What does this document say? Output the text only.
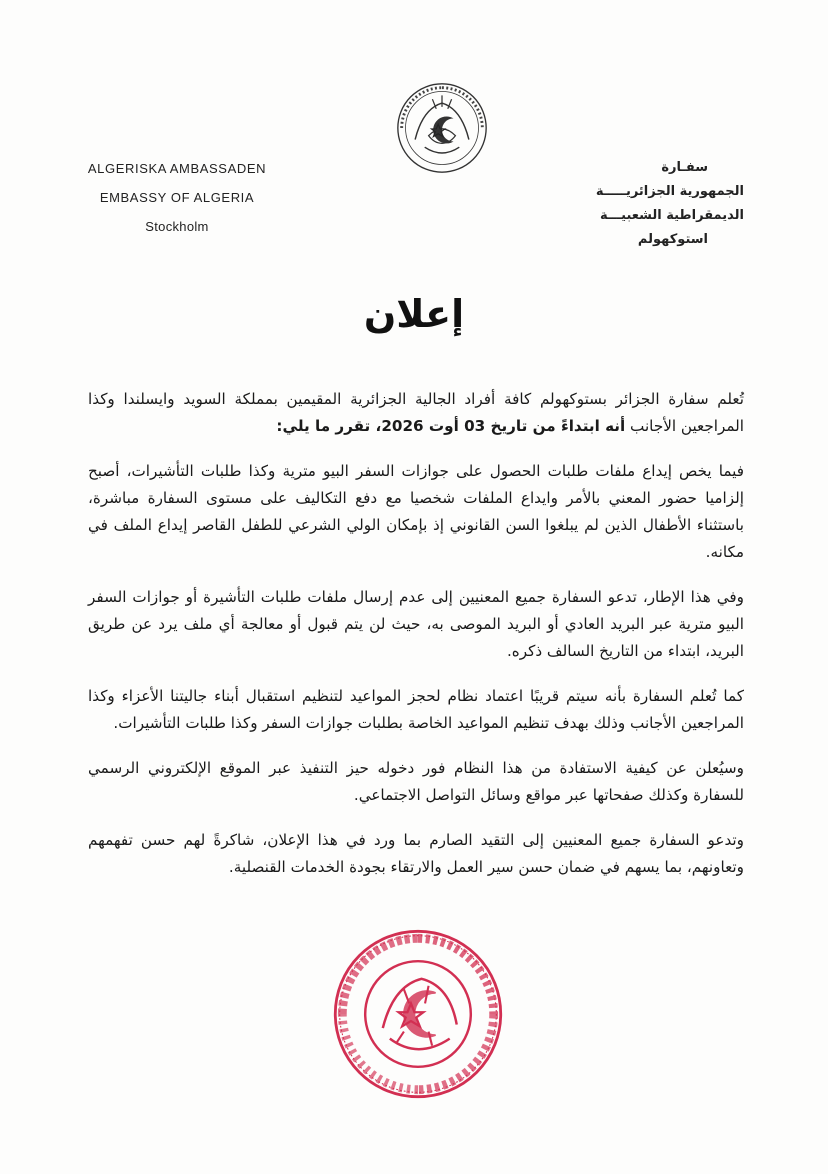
ALGERISKA AMBASSADEN
EMBASSY OF ALGERIA
Stockholm
سفـارة
الجمهورية الجزائريـــــة
الديمقراطية الشعبيـــة
استوكهولم
إعلان

تُعلم سفارة الجزائر بستوكهولم كافة أفراد الجالية الجزائرية المقيمين بمملكة السويد وايسلندا وكذا المراجعين الأجانب أنه ابتداءً من تاريخ 03 أوت 2026، تقرر ما يلي:

فيما يخص إيداع ملفات طلبات الحصول على جوازات السفر البيو مترية وكذا طلبات التأشيرات، أصبح إلزاميا حضور المعني بالأمر وايداع الملفات شخصيا مع دفع التكاليف على مستوى السفارة مباشرة، باستثناء الأطفال الذين لم يبلغوا السن القانوني إذ بإمكان الولي الشرعي للطفل القاصر إيداع الملف في مكانه.

وفي هذا الإطار، تدعو السفارة جميع المعنيين إلى عدم إرسال ملفات طلبات التأشيرة أو جوازات السفر البيو مترية عبر البريد العادي أو البريد الموصى به، حيث لن يتم قبول أو معالجة أي ملف يرد عن طريق البريد، ابتداء من التاريخ السالف ذكره.

كما تُعلم السفارة بأنه سيتم قريبًا اعتماد نظام لحجز المواعيد لتنظيم استقبال أبناء جاليتنا الأعزاء وكذا المراجعين الأجانب وذلك بهدف تنظيم المواعيد الخاصة بطلبات جوازات السفر وكذا طلبات التأشيرات.

وسيُعلن عن كيفية الاستفادة من هذا النظام فور دخوله حيز التنفيذ عبر الموقع الإلكتروني الرسمي للسفارة وكذلك صفحاتها عبر مواقع وسائل التواصل الاجتماعي.

وتدعو السفارة جميع المعنيين إلى التقيد الصارم بما ورد في هذا الإعلان، شاكرةً لهم حسن تفهمهم وتعاونهم، بما يسهم في ضمان حسن سير العمل والارتقاء بجودة الخدمات القنصلية.
